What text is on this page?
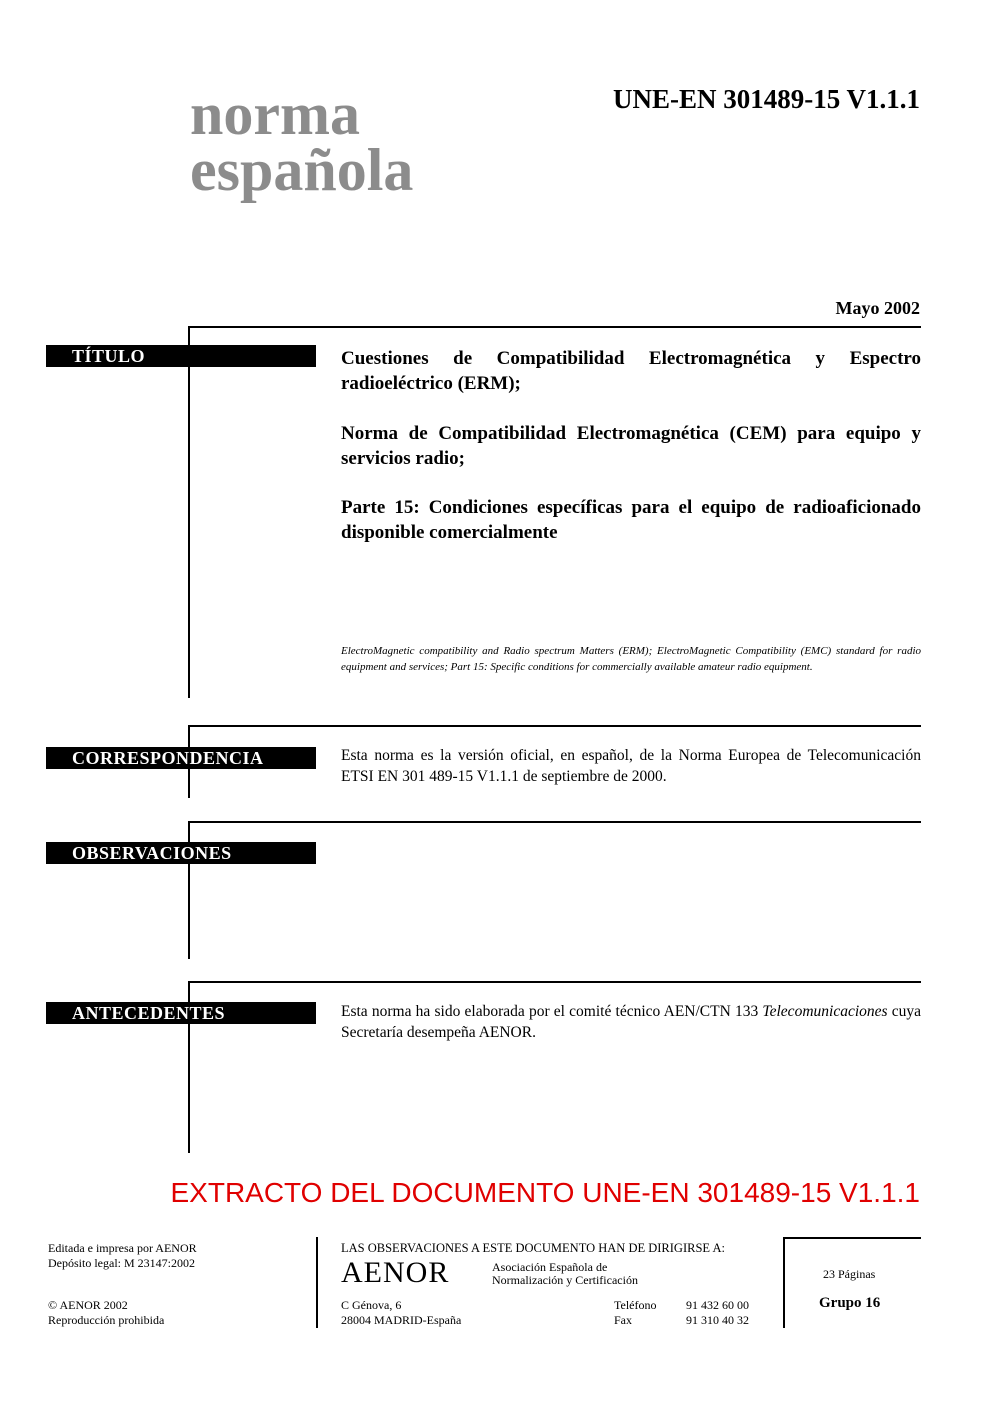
norma
española
UNE-EN 301489-15 V1.1.1
Mayo 2002
TÍTULO	Cuestiones de Compatibilidad Electromagnética y Espectro radioeléctrico (ERM);
Norma de Compatibilidad Electromagnética (CEM) para equipo y servicios radio;
Parte 15: Condiciones específicas para el equipo de radioaficionado disponible comercialmente
ElectroMagnetic compatibility and Radio spectrum Matters (ERM); ElectroMagnetic Compatibility (EMC) standard for radio equipment and services; Part 15: Specific conditions for commercially available amateur radio equipment.
CORRESPONDENCIA	Esta norma es la versión oficial, en español, de la Norma Europea de Telecomunicación ETSI EN 301 489-15 V1.1.1 de septiembre de 2000.
OBSERVACIONES
ANTECEDENTES	Esta norma ha sido elaborada por el comité técnico AEN/CTN 133 Telecomunicaciones cuya Secretaría desempeña AENOR.
EXTRACTO DEL DOCUMENTO UNE-EN 301489-15 V1.1.1
Editada e impresa por AENOR
Depósito legal: M 23147:2002
© AENOR 2002
Reproducción prohibida
LAS OBSERVACIONES A ESTE DOCUMENTO HAN DE DIRIGIRSE A:
AENOR	Asociación Española de
Normalización y Certificación
C Génova, 6
28004 MADRID-España
Teléfono 91 432 60 00
Fax	91 310 40 32
23 Páginas
Grupo 16
